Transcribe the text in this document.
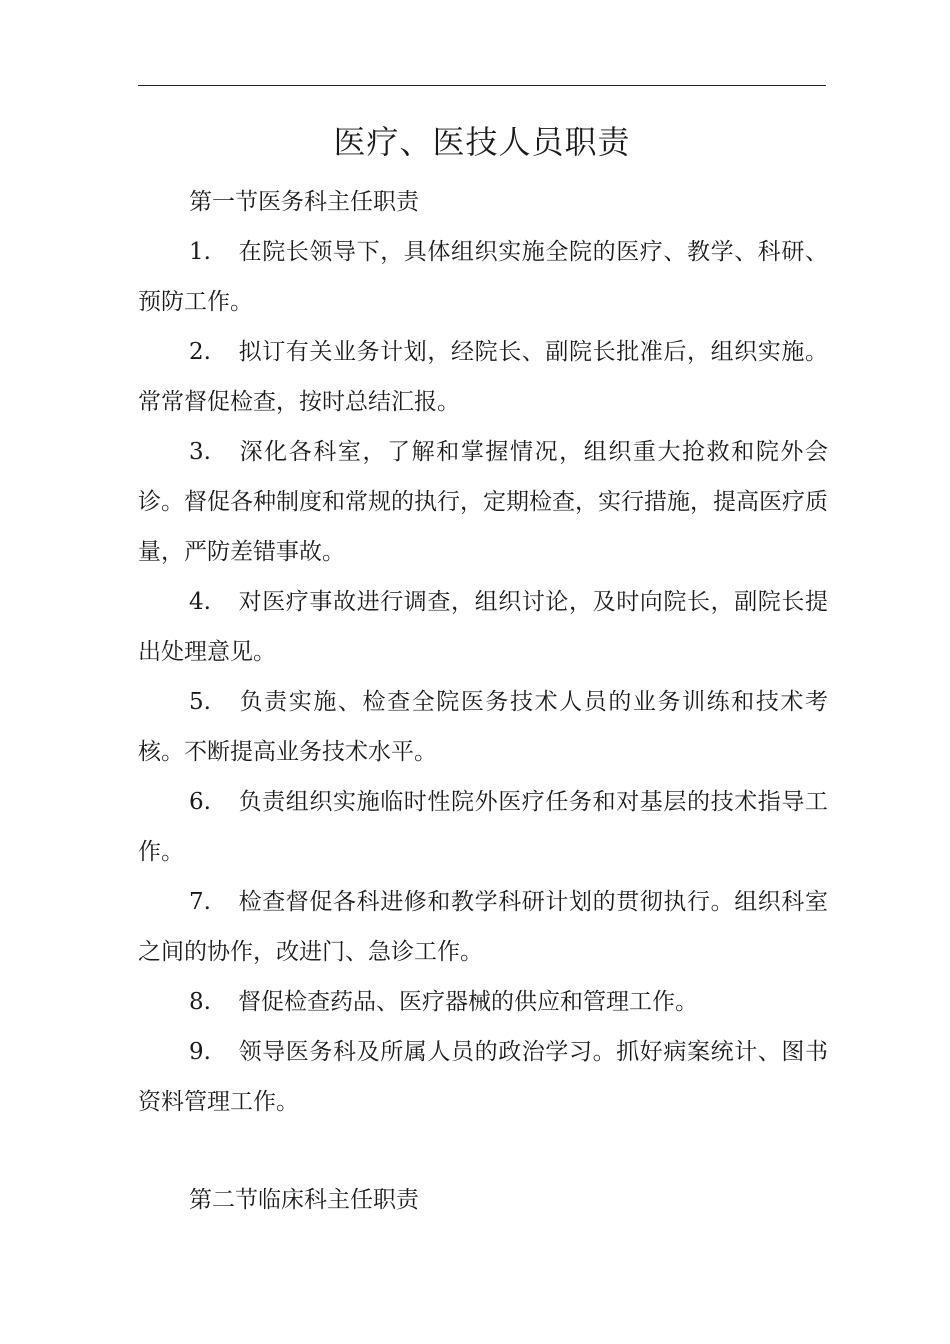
医疗、医技人员职责
第一节医务科主任职责

1. 在院长领导下，具体组织实施全院的医疗、教学、科研、预防工作。

2. 拟订有关业务计划，经院长、副院长批准后，组织实施。常常督促检查，按时总结汇报。

3. 深化各科室，了解和掌握情况，组织重大抢救和院外会诊。督促各种制度和常规的执行，定期检查，实行措施，提高医疗质量，严防差错事故。

4. 对医疗事故进行调查，组织讨论，及时向院长，副院长提出处理意见。

5. 负责实施、检查全院医务技术人员的业务训练和技术考核。不断提高业务技术水平。

6. 负责组织实施临时性院外医疗任务和对基层的技术指导工作。

7. 检查督促各科进修和教学科研计划的贯彻执行。组织科室之间的协作，改进门、急诊工作。

8. 督促检查药品、医疗器械的供应和管理工作。

9. 领导医务科及所属人员的政治学习。抓好病案统计、图书资料管理工作。

第二节临床科主任职责
